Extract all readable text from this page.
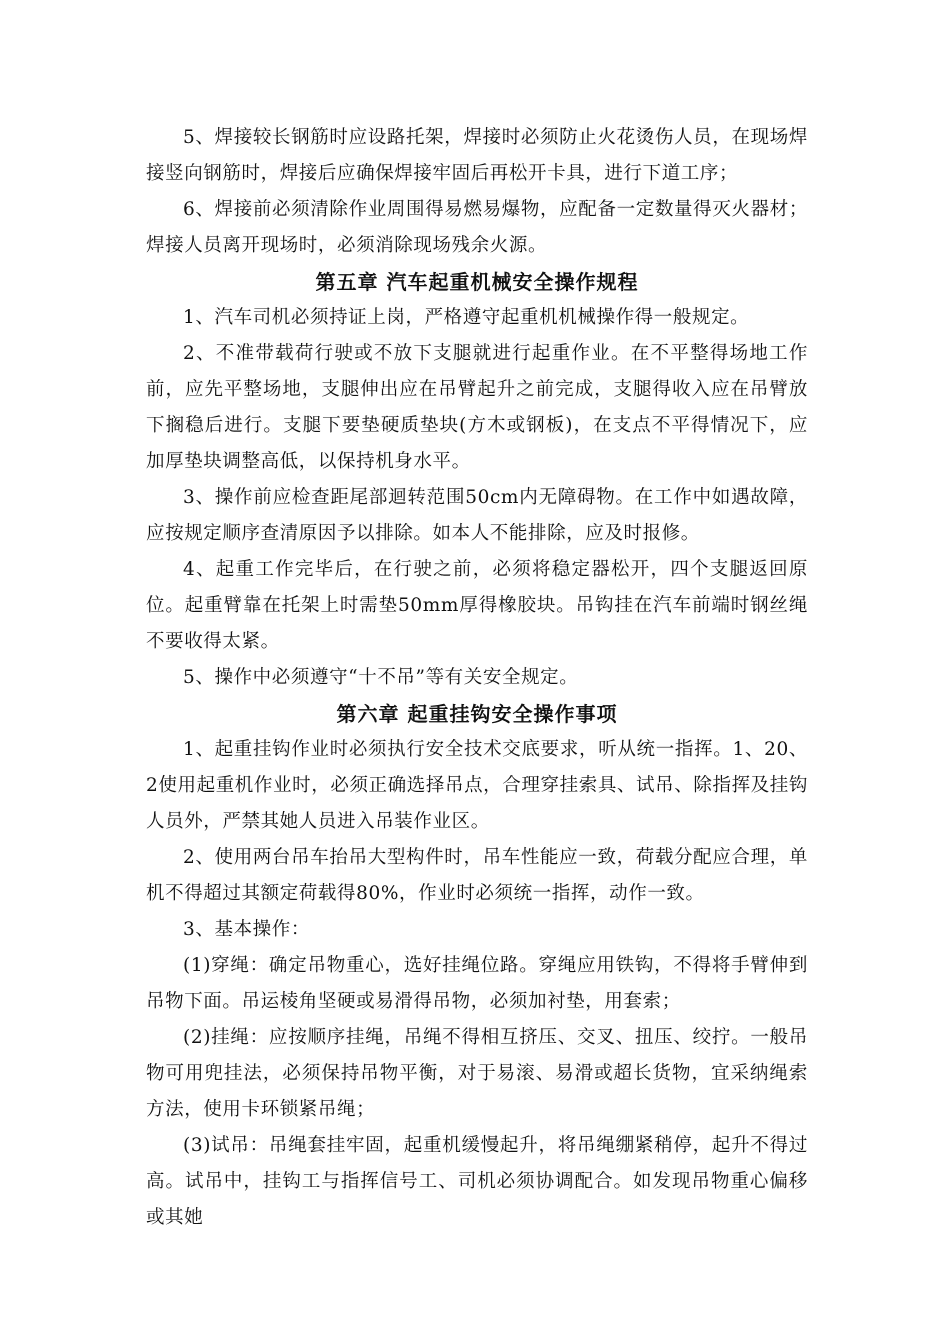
5、焊接较长钢筋时应设路托架，焊接时必须防止火花烫伤人员，在现场焊接竖向钢筋时，焊接后应确保焊接牢固后再松开卡具，进行下道工序；

6、焊接前必须清除作业周围得易燃易爆物，应配备一定数量得灭火器材；焊接人员离开现场时，必须消除现场残余火源。

第五章 汽车起重机械安全操作规程

1、汽车司机必须持证上岗，严格遵守起重机机械操作得一般规定。

2、不准带载荷行驶或不放下支腿就进行起重作业。在不平整得场地工作前，应先平整场地，支腿伸出应在吊臂起升之前完成，支腿得收入应在吊臂放下搁稳后进行。支腿下要垫硬质垫块(方木或钢板)，在支点不平得情况下，应加厚垫块调整高低，以保持机身水平。

3、操作前应检查距尾部迴转范围50cm内无障碍物。在工作中如遇故障，应按规定顺序查清原因予以排除。如本人不能排除，应及时报修。

4、起重工作完毕后，在行驶之前，必须将稳定器松开，四个支腿返回原位。起重臂靠在托架上时需垫50mm厚得橡胶块。吊钩挂在汽车前端时钢丝绳不要收得太紧。

5、操作中必须遵守“十不吊”等有关安全规定。

第六章 起重挂钩安全操作事项

1、起重挂钩作业时必须执行安全技术交底要求，听从统一指挥。1、20、2使用起重机作业时，必须正确选择吊点，合理穿挂索具、试吊、除指挥及挂钩人员外，严禁其她人员进入吊装作业区。

2、使用两台吊车抬吊大型构件时，吊车性能应一致，荷载分配应合理，单机不得超过其额定荷载得80%，作业时必须统一指挥，动作一致。

3、基本操作：

(1)穿绳：确定吊物重心，选好挂绳位路。穿绳应用铁钩，不得将手臂伸到吊物下面。吊运棱角坚硬或易滑得吊物，必须加衬垫，用套索；

(2)挂绳：应按顺序挂绳，吊绳不得相互挤压、交叉、扭压、绞拧。一般吊物可用兜挂法，必须保持吊物平衡，对于易滚、易滑或超长货物，宜采纳绳索方法，使用卡环锁紧吊绳；

(3)试吊：吊绳套挂牢固，起重机缓慢起升，将吊绳绷紧稍停，起升不得过高。试吊中，挂钩工与指挥信号工、司机必须协调配合。如发现吊物重心偏移或其她
